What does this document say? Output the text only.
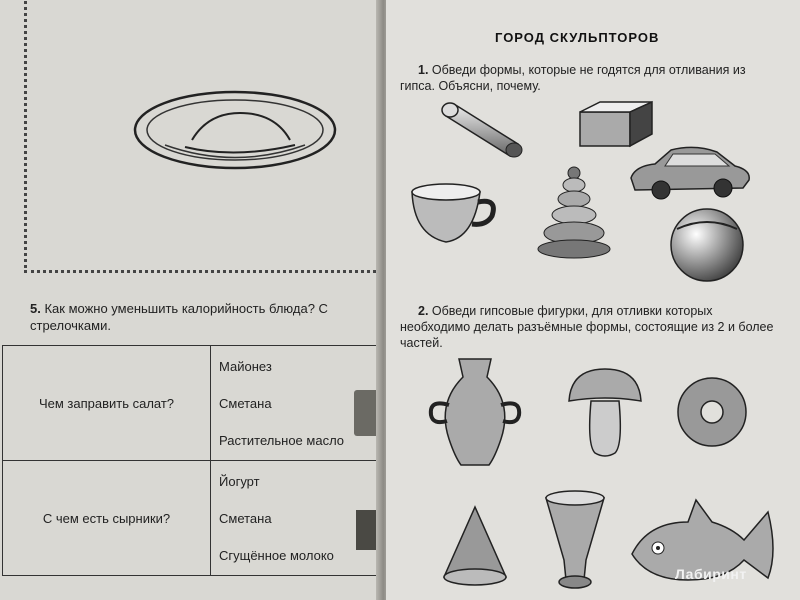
5. Как можно уменьшить калорийность блюда? С
стрелочками.
Чем заправить салат?	Майонез
Сметана
Растительное масло

С чем есть сырники?	Йогурт
Сметана
Сгущённое молоко
ГОРОД СКУЛЬПТОРОВ
1. Обведи формы, которые не годятся для отливания из гипса. Объясни, почему.
2. Обведи гипсовые фигурки, для отливки которых необходимо делать разъёмные формы, состоящие из 2 и более частей.
Лабиринт
